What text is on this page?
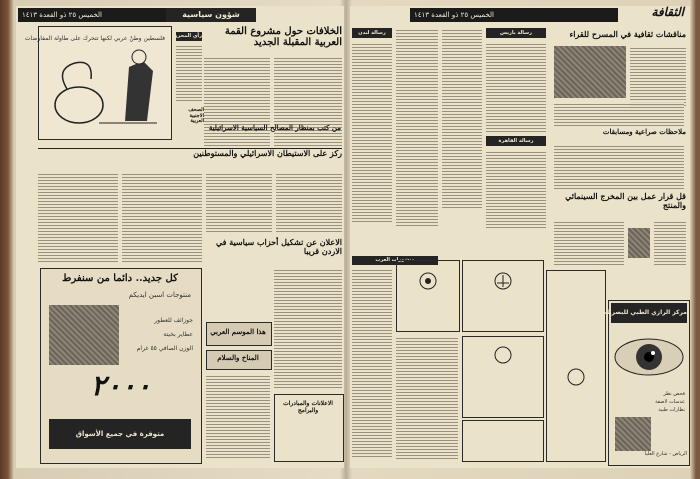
الخميس ٢٥ ذو القعدة ١٤١٣	شؤون سياسية
فلسطين وطنٌ عربي لكنها تتحرك على طاولة المفاوضات
الخلافات حول مشروع القمة العربية المقبلة الجديد
رأي المحرر
الصحف الاجنبية العربية
من كتب بمنظار المصالح السياسية الاسرائيلية
ركز على الاستيطان الاسرائيلي والمستوطنين
الاعلان عن تشكيل أحزاب سياسية في الاردن قريبا
كل جديد.. دائما من سنفرط
منتوجات اسبن ايديكم
جوزائف للعطور
عطاير بخيتة
الوزن الصافي ٥٥ غرام
٢٠٠٠
متوفرة في جميع الأسواق
هذا الموسم العربي
المناخ والسلام
الاعلانات والمبادرات والبرامج
الخميس ٢٥ ذو القعدة ١٤١٣	الثقافة
رسالة لندن	رسالة باريس
رسالة القاهرة
مناقشات ثقافية في المسرح للقراء
ملاحظات صراعية ومسابقات
قل قرار عمل بين المخرج السينمائي والمنتج
منشورات العرب
مركز الرازي الطبي للبصريات
فحص نظر
عدسات لاصقة
نظارات طبية
الرياض - شارع العليا
